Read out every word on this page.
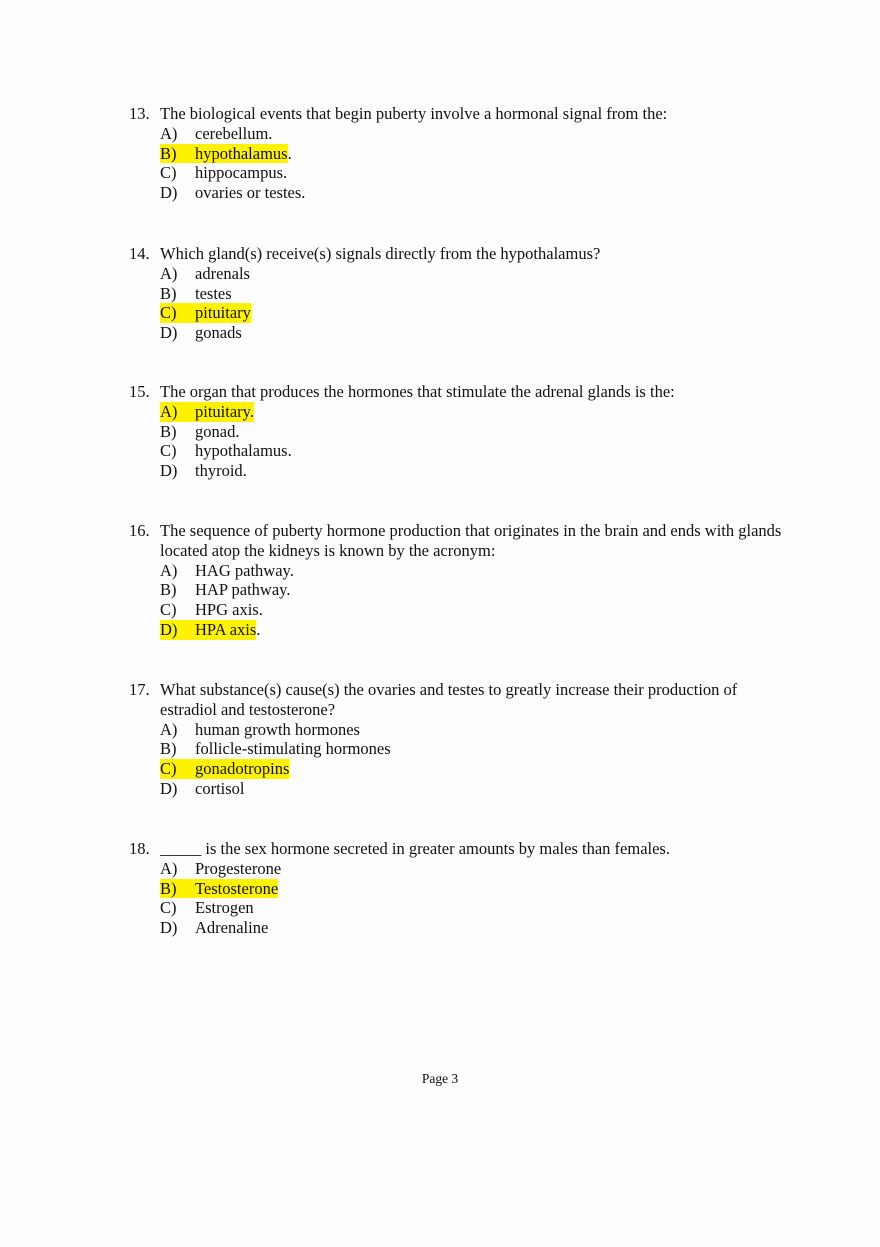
13. The biological events that begin puberty involve a hormonal signal from the:
A) cerebellum.
B) hypothalamus .
C) hippocampus.
D) ovaries or testes.
14. Which gland(s) receive(s) signals directly from the hypothalamus?
A) adrenals
B) testes
C) pituitary
D) gonads
15. The organ that produces the hormones that stimulate the adrenal glands is the:
A) pituitary.
B) gonad.
C) hypothalamus.
D) thyroid.
16. The sequence of puberty hormone production that originates in the brain and ends with glands located atop the kidneys is known by the acronym:
A) HAG pathway.
B) HAP pathway.
C) HPG axis.
D) HPA axis .
17. What substance(s) cause(s) the ovaries and testes to greatly increase their production of estradiol and testosterone?
A) human growth hormones
B) follicle-stimulating hormones
C) gonadotropins
D) cortisol
18. _____ is the sex hormone secreted in greater amounts by males than females.
A) Progesterone
B) Testosterone
C) Estrogen
D) Adrenaline
Page 3
